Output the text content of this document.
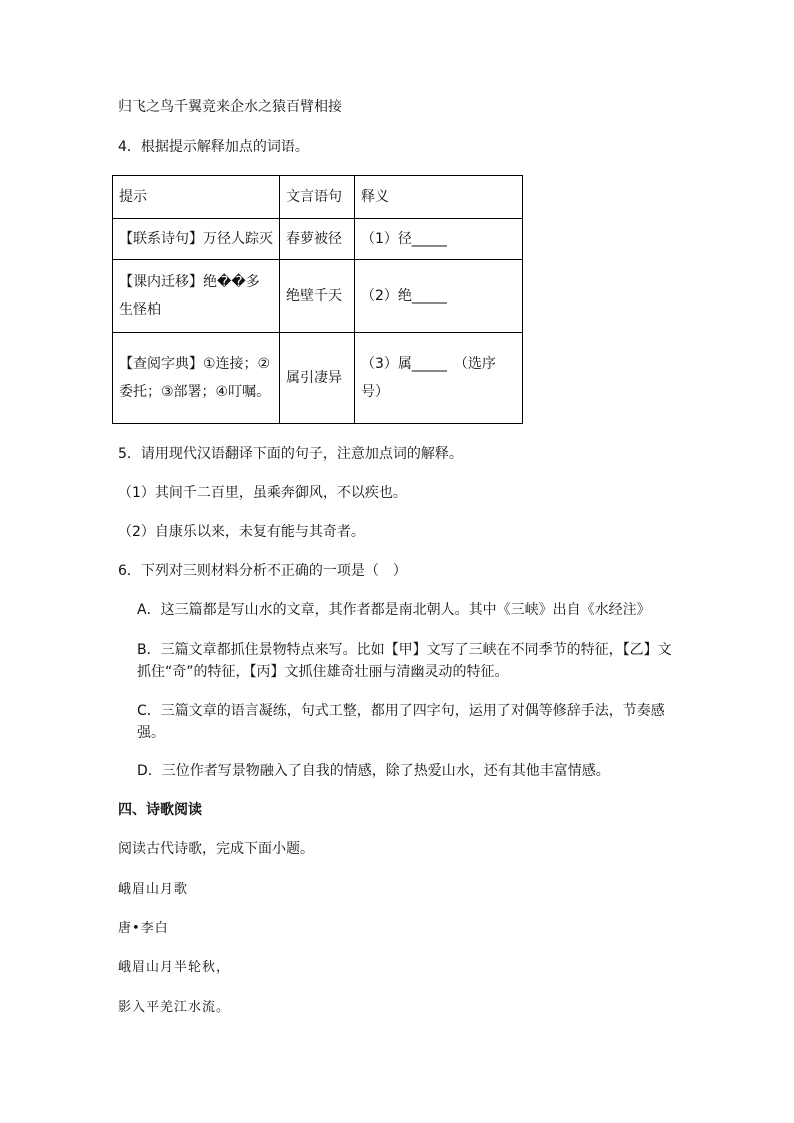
归飞之鸟千翼竞来企水之猿百臂相接
4．根据提示解释加点的词语。
提示	文言语句	释义
【联系诗句】万径人踪灭	春萝被径	（1）径_____
【课内迁移】绝��多生怪柏	绝壁千天	（2）绝_____
【查阅字典】①连接；②委托；③部署；④叮嘱。	属引凄异	（3）属_____　（选序号）
5．请用现代汉语翻译下面的句子，注意加点词的解释。
（1）其间千二百里，虽乘奔御风，不以疾也。
（2）自康乐以来，未复有能与其奇者。
6．下列对三则材料分析不正确的一项是（　）
A．这三篇都是写山水的文章，其作者都是南北朝人。其中《三峡》出自《水经注》
B．三篇文章都抓住景物特点来写。比如【甲】文写了三峡在不同季节的特征，【乙】文抓住“奇”的特征，【丙】文抓住雄奇壮丽与清幽灵动的特征。
C．三篇文章的语言凝练，句式工整，都用了四字句，运用了对偶等修辞手法，节奏感强。
D．三位作者写景物融入了自我的情感，除了热爱山水，还有其他丰富情感。
四、诗歌阅读
阅读古代诗歌，完成下面小题。
峨眉山月歌
唐•李白
峨眉山月半轮秋，
影入平羌江水流。
